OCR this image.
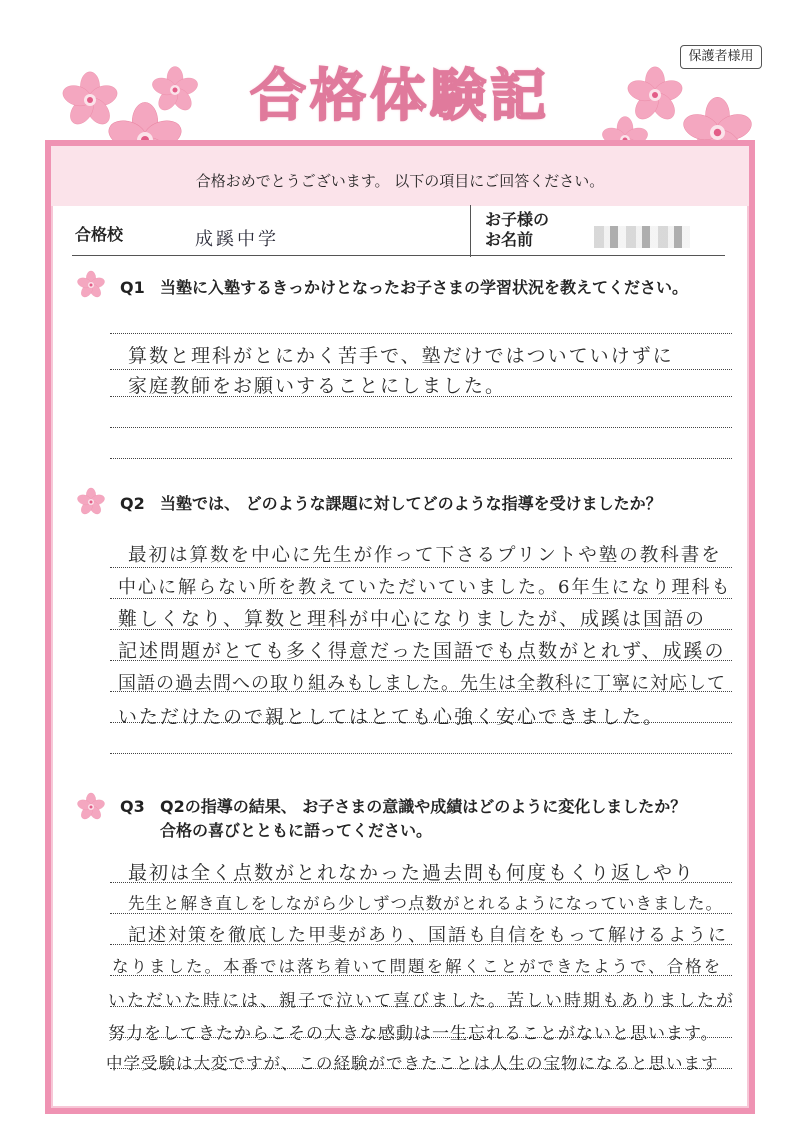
保護者様用
合格体験記
合格おめでとうございます。 以下の項目にご回答ください。
合格校	成蹊中学
お子様の
お名前
Q1 当塾に入塾するきっかけとなったお子さまの学習状況を教えてください。
算数と理科がとにかく苦手で、塾だけではついていけずに
家庭教師をお願いすることにしました。
Q2 当塾では、 どのような課題に対してどのような指導を受けましたか？
最初は算数を中心に先生が作って下さるプリントや塾の教科書を
中心に解らない所を教えていただいていました。6年生になり理科も
難しくなり、算数と理科が中心になりましたが、成蹊は国語の
記述問題がとても多く得意だった国語でも点数がとれず、成蹊の
国語の過去問への取り組みもしました。先生は全教科に丁寧に対応して
いただけたので親としてはとても心強く安心できました。
Q3 Q2の指導の結果、 お子さまの意識や成績はどのように変化しましたか？
合格の喜びとともに語ってください。
最初は全く点数がとれなかった過去問も何度もくり返しやり
先生と解き直しをしながら少しずつ点数がとれるようになっていきました。
記述対策を徹底した甲斐があり、国語も自信をもって解けるように
なりました。本番では落ち着いて問題を解くことができたようで、合格を
いただいた時には、親子で泣いて喜びました。苦しい時期もありましたが
努力をしてきたからこその大きな感動は一生忘れることがないと思います。
中学受験は大変ですが、この経験ができたことは人生の宝物になると思います
